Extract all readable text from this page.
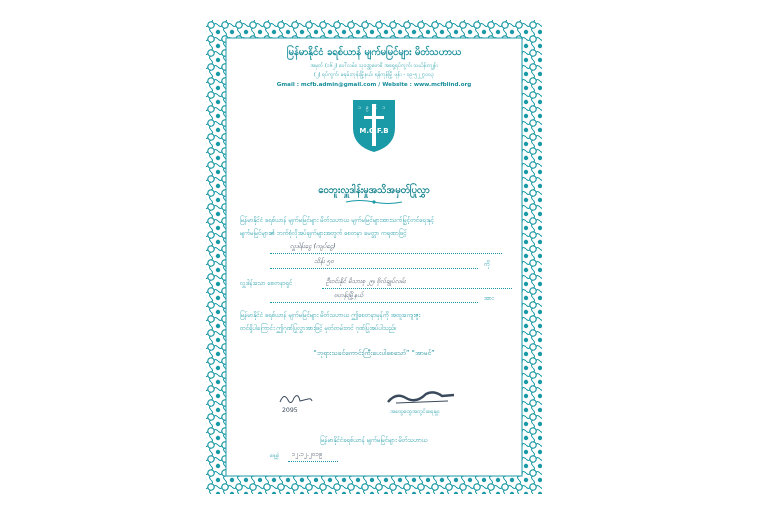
မြန်မာနိုင်ငံ ခရစ်ယာန် မျက်မမြင်များ မိတ်သဟာယ
အမှတ် (၁၆၂) ပေါ်လမ်း၊ သုဝဏ္ဏဗောဓိ အရှေ့ရပ်ကွက်၊ သင်္ဃန်းကျွန်း
(၂) ရပ်ကွက်၊ မရမ်းကုန်းမြို့နယ်၊ ရန်ကုန်မြို့ ဖုန်း - ၀၉-၅၂၂၇၀၀၃
Gmail : mcfb.admin@gmail.com / Website : www.mcfblind.org
၁၉၆၁
M.C.F.B
ဝေဘူးလှူဒါန်းမှုအသိအမှတ်ပြုလွှာ
မြန်မာနိုင်ငံ ခရစ်ယာန် မျက်မမြင်များ မိတ်သဟာယ မျက်မမြင်များအားသက်မြှင့်တင်ရေးနှင့်
မျက်မမြင်များ၏ ဘက်စုံလိုအပ်ချက်များအတွက် စေတနာ မေတ္တာ ကရုဏာဖြင့်
လှူဒါန်းငွေ (ကျပ်ငွေ)
သိန်း ၅၀	ကို
လှူဒါန်းသော စေတနာရှင်	ဦးဝင်းနိုင် မိသားစု ၂၅၊ ဗိုလ်ချုပ်လမ်း
ဗဟန်းမြို့နယ်	အား
မြန်မာနိုင်ငံ ခရစ်ယာန် မျက်မမြင်များ မိတ်သဟာယ ဤစေတနာမှန်ကို အထူးကျေးဇူး
တင်ရှိပါကြောင်း ဤဂုဏ်ပြုလွှာအားဖြင့် မှတ်တမ်းတင် ဂုဏ်ပြုအပ်ပါသည်။
“ဘုရားသခင်ကောင်းကြီးပေးပါစေသော်” “အာမင်”
2095	အထွေထွေအတွင်းရေးမှူး
မြန်မာနိုင်ငံခရစ်ယာန် မျက်မမြင်များ မိတ်သဟာယ
နေ့စွဲ ၁၂.၁၂.၂၀၁၉
